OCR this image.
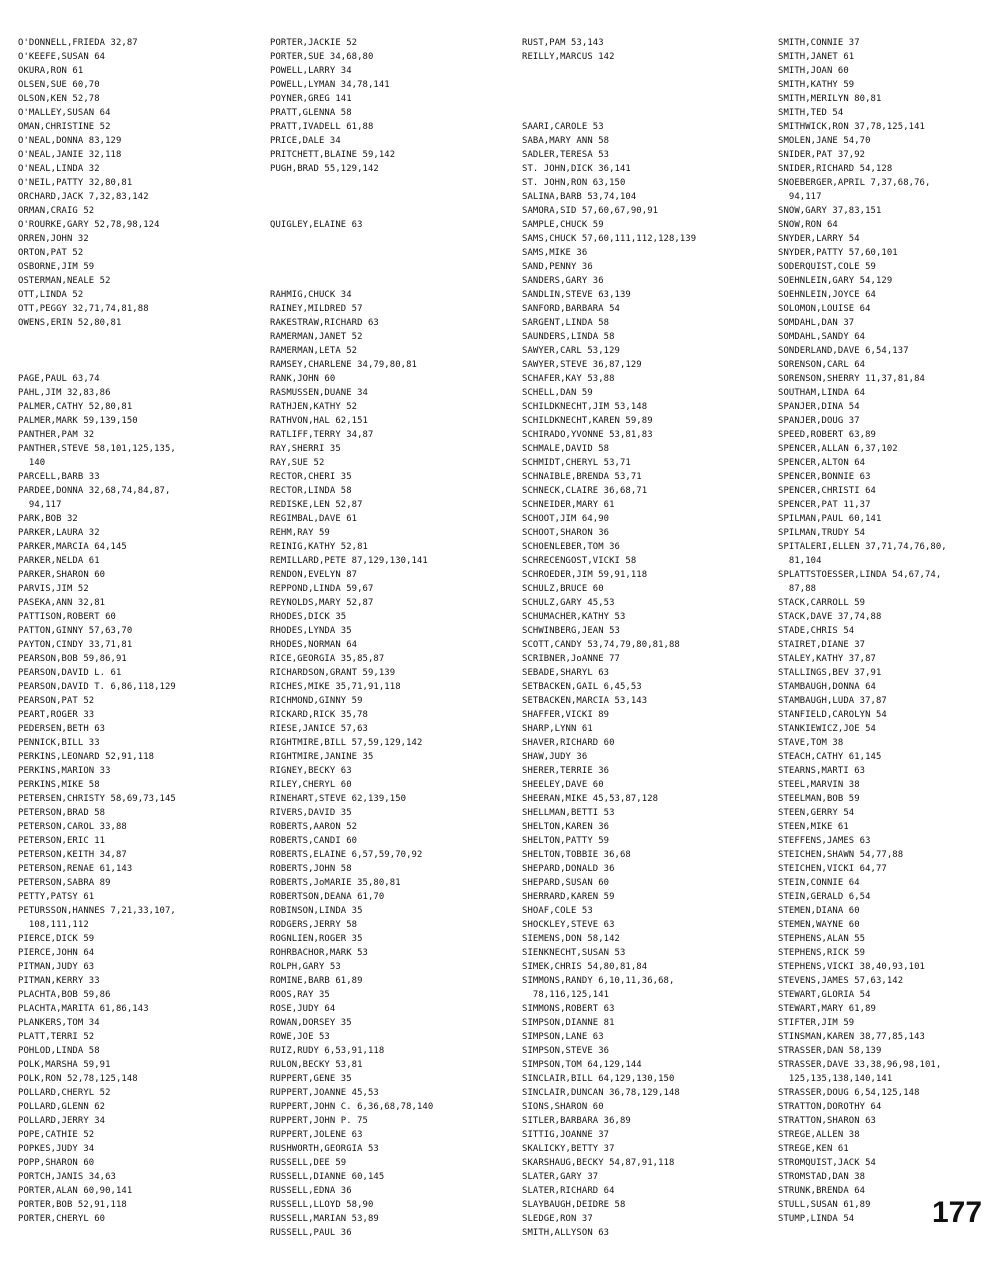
O'DONNELL,FRIEDA 32,87
O'KEEFE,SUSAN 64
OKURA,RON 61
OLSEN,SUE 60,70
OLSON,KEN 52,78
O'MALLEY,SUSAN 64
OMAN,CHRISTINE 52
O'NEAL,DONNA 83,129
O'NEAL,JANIE 32,118
O'NEAL,LINDA 32
O'NEIL,PATTY 32,80,81
ORCHARD,JACK 7,32,83,142
ORMAN,CRAIG 52
O'ROURKE,GARY 52,78,98,124
ORREN,JOHN 32
ORTON,PAT 52
OSBORNE,JIM 59
OSTERMAN,NEALE 52
OTT,LINDA 52
OTT,PEGGY 32,71,74,81,88
OWENS,ERIN 52,80,81
PAGE,PAUL 63,74
PAHL,JIM 32,83,86
PALMER,CATHY 52,80,81
PALMER,MARK 59,139,150
PANTHER,PAM 32
PANTHER,STEVE 58,101,125,135,
140
PARCELL,BARB 33
PARDEE,DONNA 32,68,74,84,87,
94,117
PARK,BOB 32
PARKER,LAURA 32
PARKER,MARCIA 64,145
PARKER,NELDA 61
PARKER,SHARON 60
PARVIS,JIM 52
PASEKA,ANN 32,81
PATTISON,ROBERT 60
PATTON,GINNY 57,63,70
PAYTON,CINDY 33,71,81
PEARSON,BOB 59,86,91
PEARSON,DAVID L. 61
PEARSON,DAVID T. 6,86,118,129
PEARSON,PAT 52
PEART,ROGER 33
PEDERSEN,BETH 63
PENNICK,BILL 33
PERKINS,LEONARD 52,91,118
PERKINS,MARION 33
PERKINS,MIKE 58
PETERSEN,CHRISTY 58,69,73,145
PETERSON,BRAD 58
PETERSON,CAROL 33,88
PETERSON,ERIC 11
PETERSON,KEITH 34,87
PETERSON,RENAE 61,143
PETERSON,SABRA 89
PETTY,PATSY 61
PETURSSON,HANNES 7,21,33,107,
108,111,112
PIERCE,DICK 59
PIERCE,JOHN 64
PITMAN,JUDY 63
PITMAN,KERRY 33
PLACHTA,BOB 59,86
PLACHTA,MARITA 61,86,143
PLANKERS,TOM 34
PLATT,TERRI 52
POHLOD,LINDA 58
POLK,MARSHA 59,91
POLK,RON 52,78,125,148
POLLARD,CHERYL 52
POLLARD,GLENN 62
POLLARD,JERRY 34
POPE,CATHIE 52
POPKES,JUDY 34
POPP,SHARON 60
PORTCH,JANIS 34,63
PORTER,ALAN 60,90,141
PORTER,BOB 52,91,118
PORTER,CHERYL 60
PORTER,JACKIE 52
PORTER,SUE 34,68,80
POWELL,LARRY 34
POWELL,LYMAN 34,78,141
POYNER,GREG 141
PRATT,GLENNA 58
PRATT,IVADELL 61,88
PRICE,DALE 34
PRITCHETT,BLAINE 59,142
PUGH,BRAD 55,129,142
QUIGLEY,ELAINE 63
RAHMIG,CHUCK 34
RAINEY,MILDRED 57
RAKESTRAW,RICHARD 63
RAMERMAN,JANET 52
RAMERMAN,LETA 52
RAMSEY,CHARLENE 34,79,80,81
RANK,JOHN 60
RASMUSSEN,DUANE 34
RATHJEN,KATHY 52
RATHVON,HAL 62,151
RATLIFF,TERRY 34,87
RAY,SHERRI 35
RAY,SUE 52
RECTOR,CHERI 35
RECTOR,LINDA 58
REDISKE,LEN 52,87
REGIMBAL,DAVE 61
REHM,RAY 59
REINIG,KATHY 52,81
REMILLARD,PETE 87,129,130,141
RENDON,EVELYN 87
REPPOND,LINDA 59,67
REYNOLDS,MARY 52,87
RHODES,DICK 35
RHODES,LYNDA 35
RHODES,NORMAN 64
RICE,GEORGIA 35,85,87
RICHARDSON,GRANT 59,139
RICHES,MIKE 35,71,91,118
RICHMOND,GINNY 59
RICKARD,RICK 35,78
RIESE,JANICE 57,63
RIGHTMIRE,BILL 57,59,129,142
RIGHTMIRE,JANINE 35
RIGNEY,BECKY 63
RILEY,CHERYL 60
RINEHART,STEVE 62,139,150
RIVERS,DAVID 35
ROBERTS,AARON 52
ROBERTS,CANDI 60
ROBERTS,ELAINE 6,57,59,70,92
ROBERTS,JOHN 58
ROBERTS,JoMARIE 35,80,81
ROBERTSON,DEANA 61,70
ROBINSON,LINDA 35
RODGERS,JERRY 58
ROGNLIEN,ROGER 35
ROHRBACHOR,MARK 53
ROLPH,GARY 53
ROMINE,BARB 61,89
ROOS,RAY 35
ROSE,JUDY 64
ROWAN,DORSEY 35
ROWE,JOE 53
RUIZ,RUDY 6,53,91,118
RULON,BECKY 53,81
RUPPERT,GENE 35
RUPPERT,JOANNE 45,53
RUPPERT,JOHN C. 6,36,68,78,140
RUPPERT,JOHN P. 75
RUPPERT,JOLENE 63
RUSHWORTH,GEORGIA 53
RUSSELL,DEE 59
RUSSELL,DIANNE 60,145
RUSSELL,EDNA 36
RUSSELL,LLOYD 58,90
RUSSELL,MARIAN 53,89
RUSSELL,PAUL 36
RUST,PAM 53,143
REILLY,MARCUS 142
SAARI,CAROLE 53
SABA,MARY ANN 58
SADLER,TERESA 53
ST. JOHN,DICK 36,141
ST. JOHN,RON 63,150
SALINA,BARB 53,74,104
SAMORA,SID 57,60,67,90,91
SAMPLE,CHUCK 59
SAMS,CHUCK 57,60,111,112,128,139
SAMS,MIKE 36
SAND,PENNY 36
SANDERS,GARY 36
SANDLIN,STEVE 63,139
SANFORD,BARBARA 54
SARGENT,LINDA 58
SAUNDERS,LINDA 58
SAWYER,CARL 53,129
SAWYER,STEVE 36,87,129
SCHAFER,KAY 53,88
SCHELL,DAN 59
SCHILDKNECHT,JIM 53,148
SCHILDKNECHT,KAREN 59,89
SCHIRADO,YVONNE 53,81,83
SCHMALE,DAVID 58
SCHMIDT,CHERYL 53,71
SCHNAIBLE,BRENDA 53,71
SCHNECK,CLAIRE 36,68,71
SCHNEIDER,MARY 61
SCHOOT,JIM 64,90
SCHOOT,SHARON 36
SCHOENLEBER,TOM 36
SCHRECENGOST,VICKI 58
SCHROEDER,JIM 59,91,118
SCHULZ,BRUCE 60
SCHULZ,GARY 45,53
SCHUMACHER,KATHY 53
SCHWINBERG,JEAN 53
SCOTT,CANDY 53,74,79,80,81,88
SCRIBNER,JoANNE 77
SEBADE,SHARYL 63
SETBACKEN,GAIL 6,45,53
SETBACKEN,MARCIA 53,143
SHAFFER,VICKI 89
SHARP,LYNN 61
SHAVER,RICHARD 60
SHAW,JUDY 36
SHERER,TERRIE 36
SHEELEY,DAVE 60
SHEERAN,MIKE 45,53,87,128
SHELLMAN,BETTI 53
SHELTON,KAREN 36
SHELTON,PATTY 59
SHELTON,TOBBIE 36,68
SHEPARD,DONALD 36
SHEPARD,SUSAN 60
SHERRARD,KAREN 59
SHOAF,COLE 53
SHOCKLEY,STEVE 63
SIEMENS,DON 58,142
SIENKNECHT,SUSAN 53
SIMEK,CHRIS 54,80,81,84
SIMMONS,RANDY 6,10,11,36,68,
78,116,125,141
SIMMONS,ROBERT 63
SIMPSON,DIANNE 81
SIMPSON,LANE 63
SIMPSON,STEVE 36
SIMPSON,TOM 64,129,144
SINCLAIR,BILL 64,129,130,150
SINCLAIR,DUNCAN 36,78,129,148
SIONS,SHARON 60
SITLER,BARBARA 36,89
SITTIG,JOANNE 37
SKALICKY,BETTY 37
SKARSHAUG,BECKY 54,87,91,118
SLATER,GARY 37
SLATER,RICHARD 64
SLAYBAUGH,DEIDRE 58
SLEDGE,RON 37
SMITH,ALLYSON 63
SMITH,CONNIE 37
SMITH,JANET 61
SMITH,JOAN 60
SMITH,KATHY 59
SMITH,MERILYN 80,81
SMITH,TED 54
SMITHWICK,RON 37,78,125,141
SMOLEN,JANE 54,70
SNIDER,PAT 37,92
SNIDER,RICHARD 54,128
SNOEBERGER,APRIL 7,37,68,76,
94,117
SNOW,GARY 37,83,151
SNOW,RON 64
SNYDER,LARRY 54
SNYDER,PATTY 57,60,101
SODERQUIST,COLE 59
SOEHNLEIN,GARY 54,129
SOEHNLEIN,JOYCE 64
SOLOMON,LOUISE 64
SOMDAHL,DAN 37
SOMDAHL,SANDY 64
SONDERLAND,DAVE 6,54,137
SORENSON,CARL 64
SORENSON,SHERRY 11,37,81,84
SOUTHAM,LINDA 64
SPANJER,DINA 54
SPANJER,DOUG 37
SPEED,ROBERT 63,89
SPENCER,ALLAN 6,37,102
SPENCER,ALTON 64
SPENCER,BONNIE 63
SPENCER,CHRISTI 64
SPENCER,PAT 11,37
SPILMAN,PAUL 60,141
SPILMAN,TRUDY 54
SPITALERI,ELLEN 37,71,74,76,80,
81,104
SPLATTSTOESSER,LINDA 54,67,74,
87,88
STACK,CARROLL 59
STACK,DAVE 37,74,88
STADE,CHRIS 54
STAIRET,DIANE 37
STALEY,KATHY 37,87
STALLINGS,BEV 37,91
STAMBAUGH,DONNA 64
STAMBAUGH,LUDA 37,87
STANFIELD,CAROLYN 54
STANKIEWICZ,JOE 54
STAVE,TOM 38
STEACH,CATHY 61,145
STEARNS,MARTI 63
STEEL,MARVIN 38
STEELMAN,BOB 59
STEEN,GERRY 54
STEEN,MIKE 61
STEFFENS,JAMES 63
STEICHEN,SHAWN 54,77,88
STEICHEN,VICKI 64,77
STEIN,CONNIE 64
STEIN,GERALD 6,54
STEMEN,DIANA 60
STEMEN,WAYNE 60
STEPHENS,ALAN 55
STEPHENS,RICK 59
STEPHENS,VICKI 38,40,93,101
STEVENS,JAMES 57,63,142
STEWART,GLORIA 54
STEWART,MARY 61,89
STIFTER,JIM 59
STINSMAN,KAREN 38,77,85,143
STRASSER,DAN 58,139
STRASSER,DAVE 33,38,96,98,101,
125,135,138,140,141
STRASSER,DOUG 6,54,125,148
STRATTON,DOROTHY 64
STRATTON,SHARON 63
STREGE,ALLEN 38
STREGE,KEN 61
STROMQUIST,JACK 54
STROMSTAD,DAN 38
STRUNK,BRENDA 64
STULL,SUSAN 61,89
STUMP,LINDA 54	177
